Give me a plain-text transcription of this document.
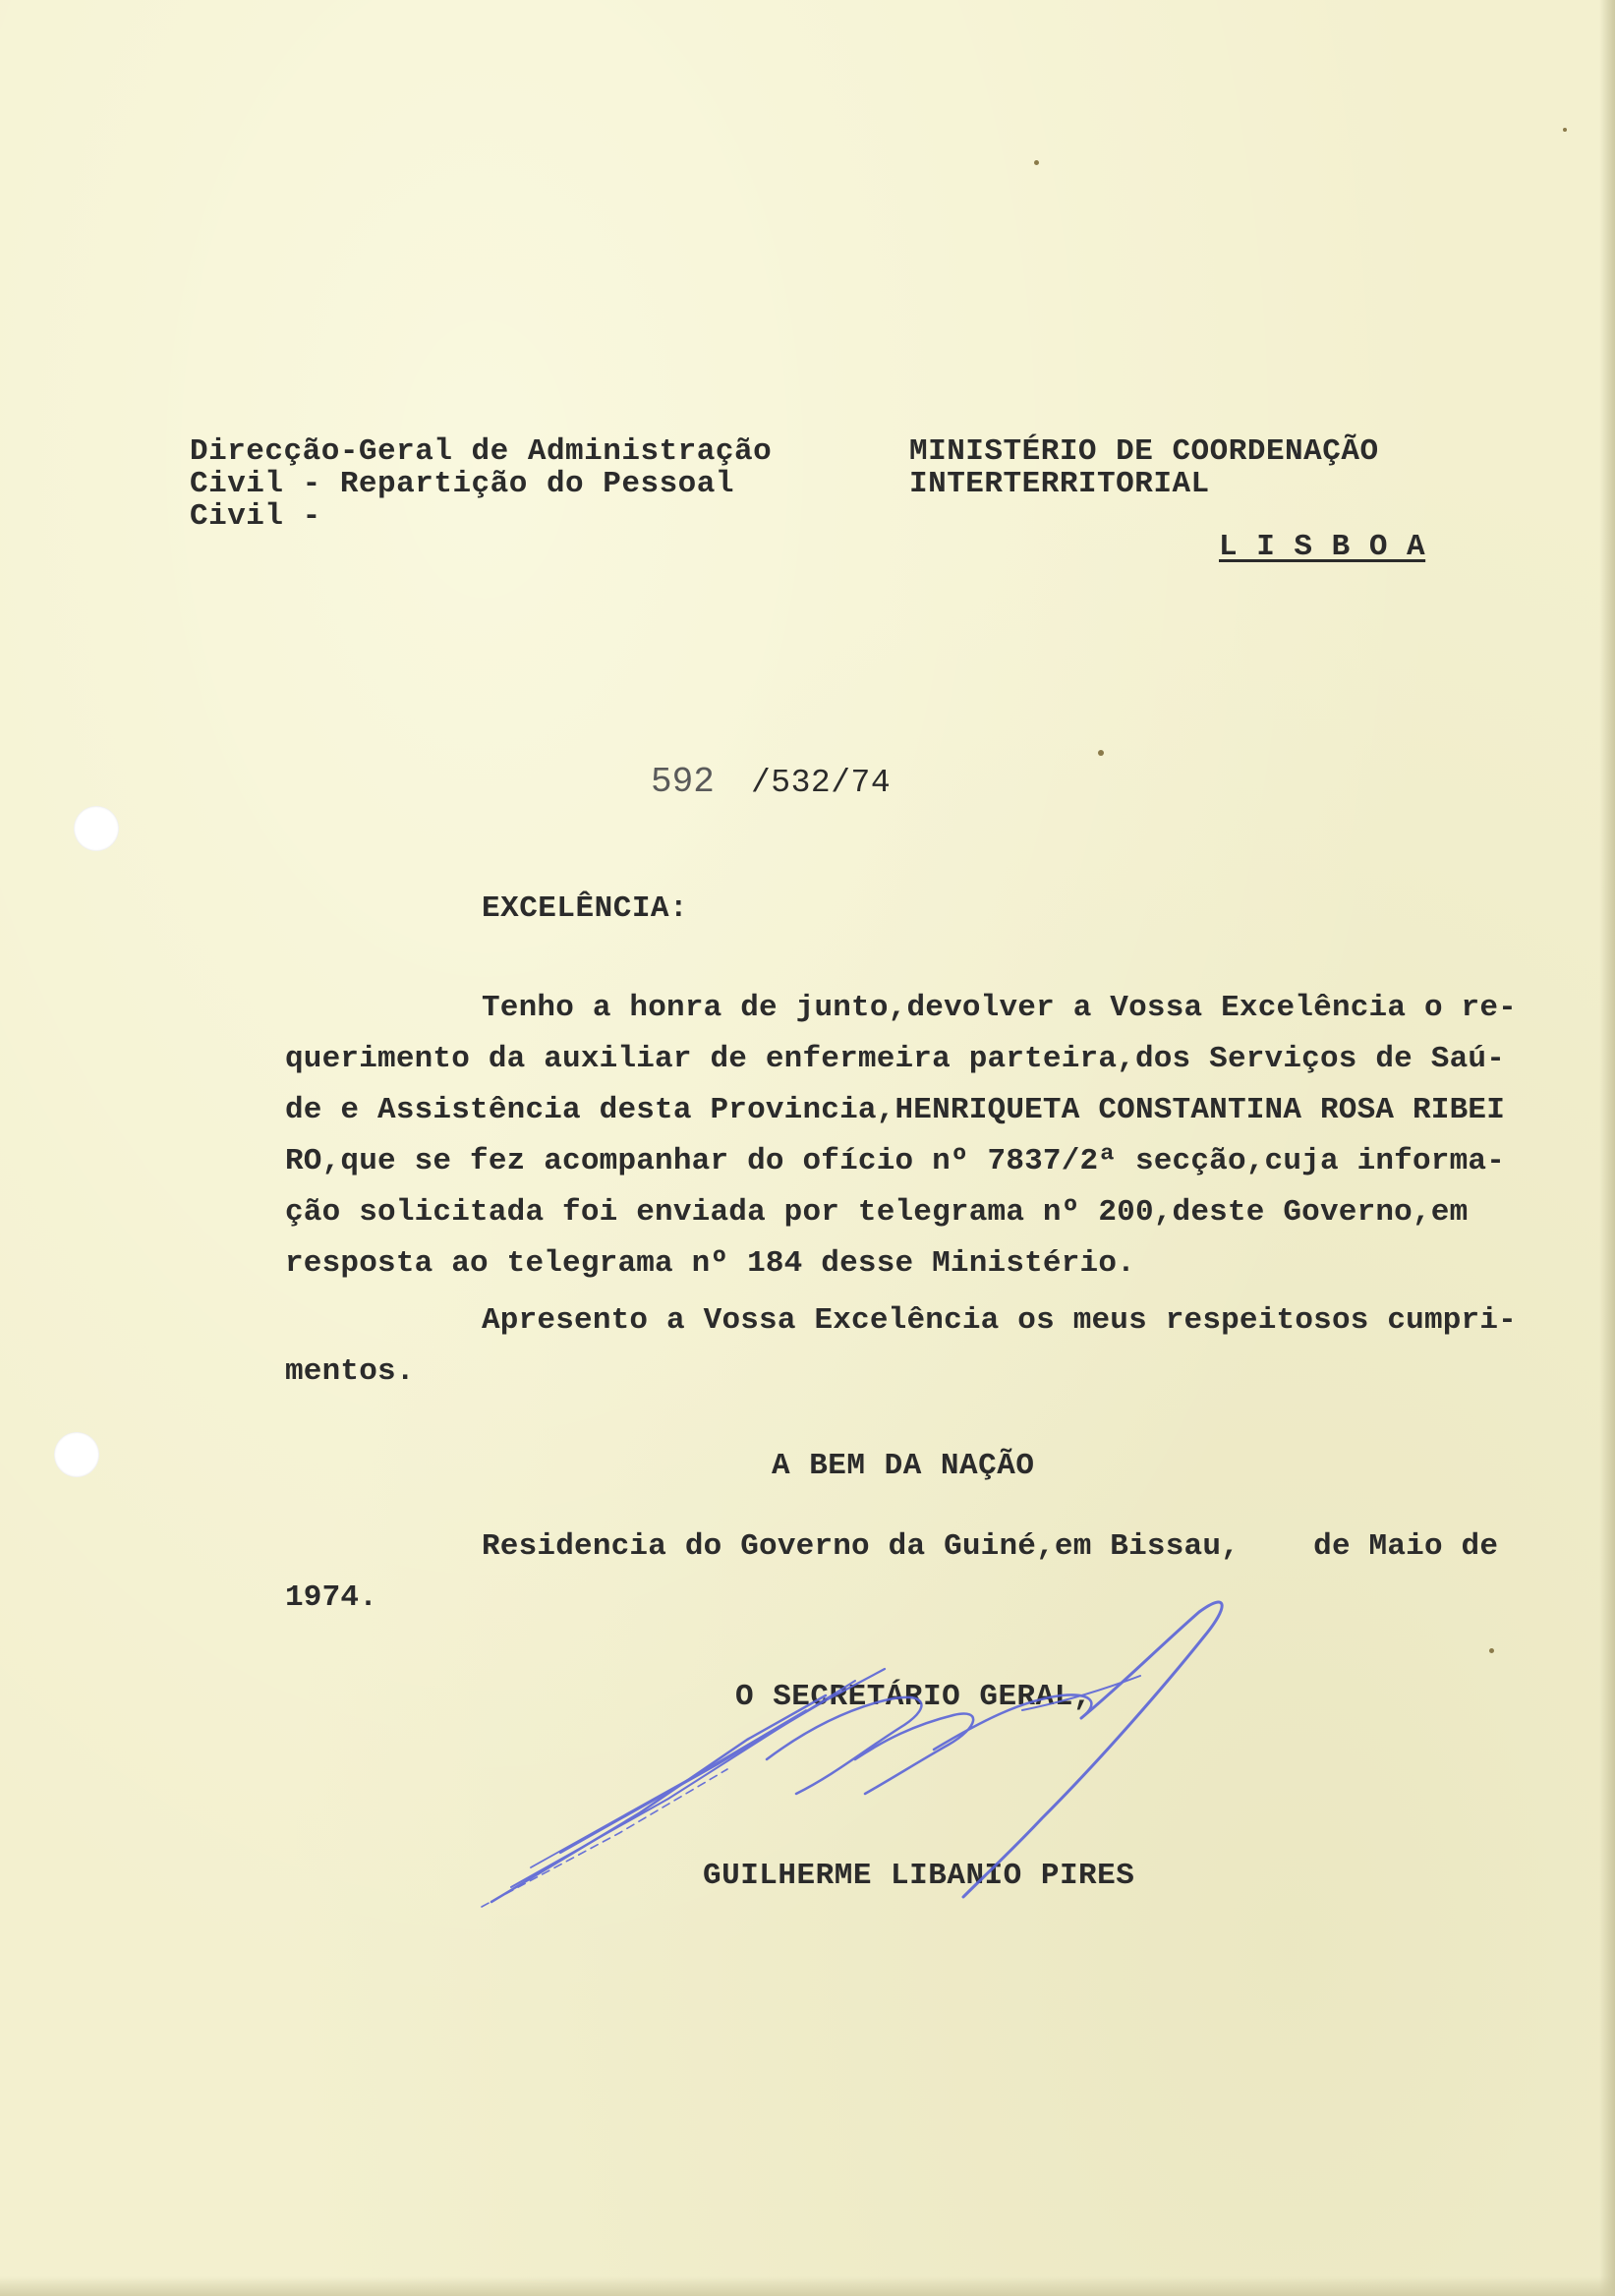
Direcção-Geral de Administração
Civil - Repartição do Pessoal
Civil -
MINISTÉRIO DE COORDENAÇÃO
INTERTERRITORIAL
L I S B O A
592 /532/74
EXCELÊNCIA:
Tenho a honra de junto,devolver a Vossa Excelência o re-
querimento da auxiliar de enfermeira parteira,dos Serviços de Saú-
de e Assistência desta Provincia,HENRIQUETA CONSTANTINA ROSA RIBEI
RO,que se fez acompanhar do ofício nº 7837/2ª secção,cuja informa-
ção solicitada foi enviada por telegrama nº 200,deste Governo,em
resposta ao telegrama nº 184 desse Ministério.
Apresento a Vossa Excelência os meus respeitosos cumpri-
mentos.
A BEM DA NAÇÃO
Residencia do Governo da Guiné,em Bissau,    de Maio de
1974.
O SECRETÁRIO GERAL,
GUILHERME LIBANIO PIRES
